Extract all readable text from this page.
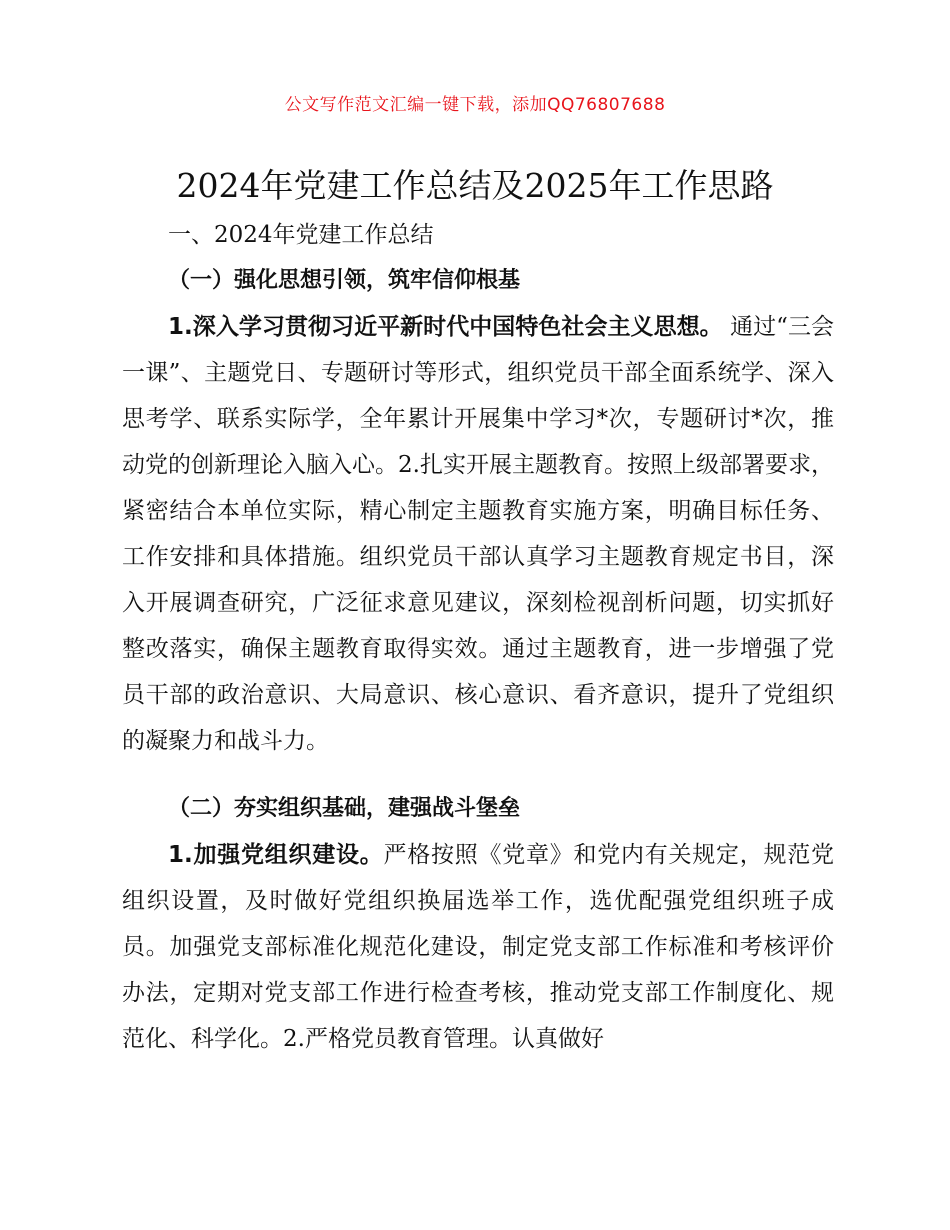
公文写作范文汇编一键下载，添加QQ76807688
2024年党建工作总结及2025年工作思路
一、2024年党建工作总结
（一）强化思想引领，筑牢信仰根基
1.深入学习贯彻习近平新时代中国特色社会主义思想。 通过“三会一课”、主题党日、专题研讨等形式，组织党员干部全面系统学、深入思考学、联系实际学，全年累计开展集中学习*次，专题研讨*次，推动党的创新理论入脑入心。2.扎实开展主题教育。按照上级部署要求，紧密结合本单位实际，精心制定主题教育实施方案，明确目标任务、工作安排和具体措施。组织党员干部认真学习主题教育规定书目，深入开展调查研究，广泛征求意见建议，深刻检视剖析问题，切实抓好整改落实，确保主题教育取得实效。通过主题教育，进一步增强了党员干部的政治意识、大局意识、核心意识、看齐意识，提升了党组织的凝聚力和战斗力。
（二）夯实组织基础，建强战斗堡垒
1.加强党组织建设。严格按照《党章》和党内有关规定，规范党组织设置，及时做好党组织换届选举工作，选优配强党组织班子成员。加强党支部标准化规范化建设，制定党支部工作标准和考核评价办法，定期对党支部工作进行检查考核，推动党支部工作制度化、规范化、科学化。2.严格党员教育管理。认真做好
